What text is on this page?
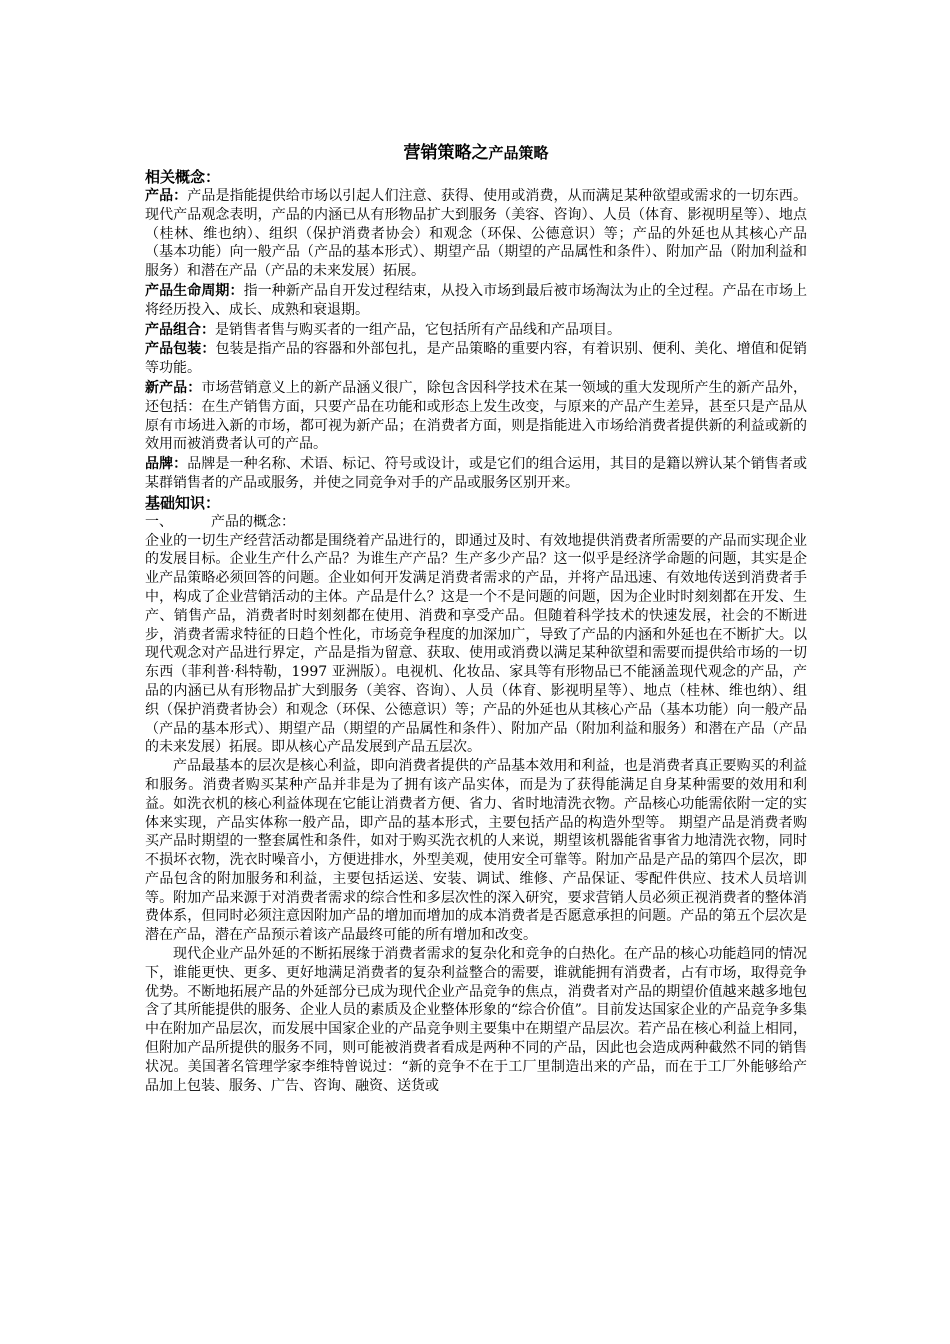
营销策略之产品策略
相关概念：
产品：产品是指能提供给市场以引起人们注意、获得、使用或消费，从而满足某种欲望或需求的一切东西。现代产品观念表明，产品的内涵已从有形物品扩大到服务（美容、咨询）、人员（体育、影视明星等）、地点（桂林、维也纳）、组织（保护消费者协会）和观念（环保、公德意识）等；产品的外延也从其核心产品（基本功能）向一般产品（产品的基本形式）、期望产品（期望的产品属性和条件）、附加产品（附加利益和服务）和潜在产品（产品的未来发展）拓展。
产品生命周期：指一种新产品自开发过程结束，从投入市场到最后被市场淘汰为止的全过程。产品在市场上将经历投入、成长、成熟和衰退期。
产品组合：是销售者售与购买者的一组产品，它包括所有产品线和产品项目。
产品包装：包装是指产品的容器和外部包扎，是产品策略的重要内容，有着识别、便利、美化、增值和促销等功能。
新产品：市场营销意义上的新产品涵义很广，除包含因科学技术在某一领域的重大发现所产生的新产品外，还包括：在生产销售方面，只要产品在功能和或形态上发生改变，与原来的产品产生差异，甚至只是产品从原有市场进入新的市场，都可视为新产品；在消费者方面，则是指能进入市场给消费者提供新的利益或新的效用而被消费者认可的产品。
品牌：品牌是一种名称、术语、标记、符号或设计，或是它们的组合运用，其目的是籍以辨认某个销售者或某群销售者的产品或服务，并使之同竞争对手的产品或服务区别开来。
基础知识：
一、	产品的概念：

企业的一切生产经营活动都是围绕着产品进行的，即通过及时、有效地提供消费者所需要的产品而实现企业的发展目标。企业生产什么产品？为谁生产产品？生产多少产品？这一似乎是经济学命题的问题，其实是企业产品策略必须回答的问题。企业如何开发满足消费者需求的产品，并将产品迅速、有效地传送到消费者手中，构成了企业营销活动的主体。产品是什么？这是一个不是问题的问题，因为企业时时刻刻都在开发、生产、销售产品，消费者时时刻刻都在使用、消费和享受产品。但随着科学技术的快速发展，社会的不断进步，消费者需求特征的日趋个性化，市场竞争程度的加深加广，导致了产品的内涵和外延也在不断扩大。以现代观念对产品进行界定，产品是指为留意、获取、使用或消费以满足某种欲望和需要而提供给市场的一切东西（菲利普·科特勒，1997 亚洲版）。电视机、化妆品、家具等有形物品已不能涵盖现代观念的产品，产品的内涵已从有形物品扩大到服务（美容、咨询）、人员（体育、影视明星等）、地点（桂林、维也纳）、组织（保护消费者协会）和观念（环保、公德意识）等；产品的外延也从其核心产品（基本功能）向一般产品（产品的基本形式）、期望产品（期望的产品属性和条件）、附加产品（附加利益和服务）和潜在产品（产品的未来发展）拓展。即从核心产品发展到产品五层次。

产品最基本的层次是核心利益，即向消费者提供的产品基本效用和利益，也是消费者真正要购买的利益和服务。消费者购买某种产品并非是为了拥有该产品实体，而是为了获得能满足自身某种需要的效用和利益。如洗衣机的核心利益体现在它能让消费者方便、省力、省时地清洗衣物。产品核心功能需依附一定的实体来实现，产品实体称一般产品，即产品的基本形式，主要包括产品的构造外型等。 期望产品是消费者购买产品时期望的一整套属性和条件，如对于购买洗衣机的人来说，期望该机器能省事省力地清洗衣物，同时不损坏衣物，洗衣时噪音小，方便进排水，外型美观，使用安全可靠等。附加产品是产品的第四个层次，即产品包含的附加服务和利益，主要包括运送、安装、调试、维修、产品保证、零配件供应、技术人员培训等。附加产品来源于对消费者需求的综合性和多层次性的深入研究，要求营销人员必须正视消费者的整体消费体系，但同时必须注意因附加产品的增加而增加的成本消费者是否愿意承担的问题。产品的第五个层次是潜在产品，潜在产品预示着该产品最终可能的所有增加和改变。

现代企业产品外延的不断拓展缘于消费者需求的复杂化和竞争的白热化。在产品的核心功能趋同的情况下，谁能更快、更多、更好地满足消费者的复杂利益整合的需要，谁就能拥有消费者，占有市场，取得竞争优势。不断地拓展产品的外延部分已成为现代企业产品竞争的焦点，消费者对产品的期望价值越来越多地包含了其所能提供的服务、企业人员的素质及企业整体形象的“综合价值”。目前发达国家企业的产品竞争多集中在附加产品层次，而发展中国家企业的产品竞争则主要集中在期望产品层次。若产品在核心利益上相同，但附加产品所提供的服务不同，则可能被消费者看成是两种不同的产品，因此也会造成两种截然不同的销售状况。美国著名管理学家李维特曾说过：“新的竞争不在于工厂里制造出来的产品，而在于工厂外能够给产品加上包装、服务、广告、咨询、融资、送货或
